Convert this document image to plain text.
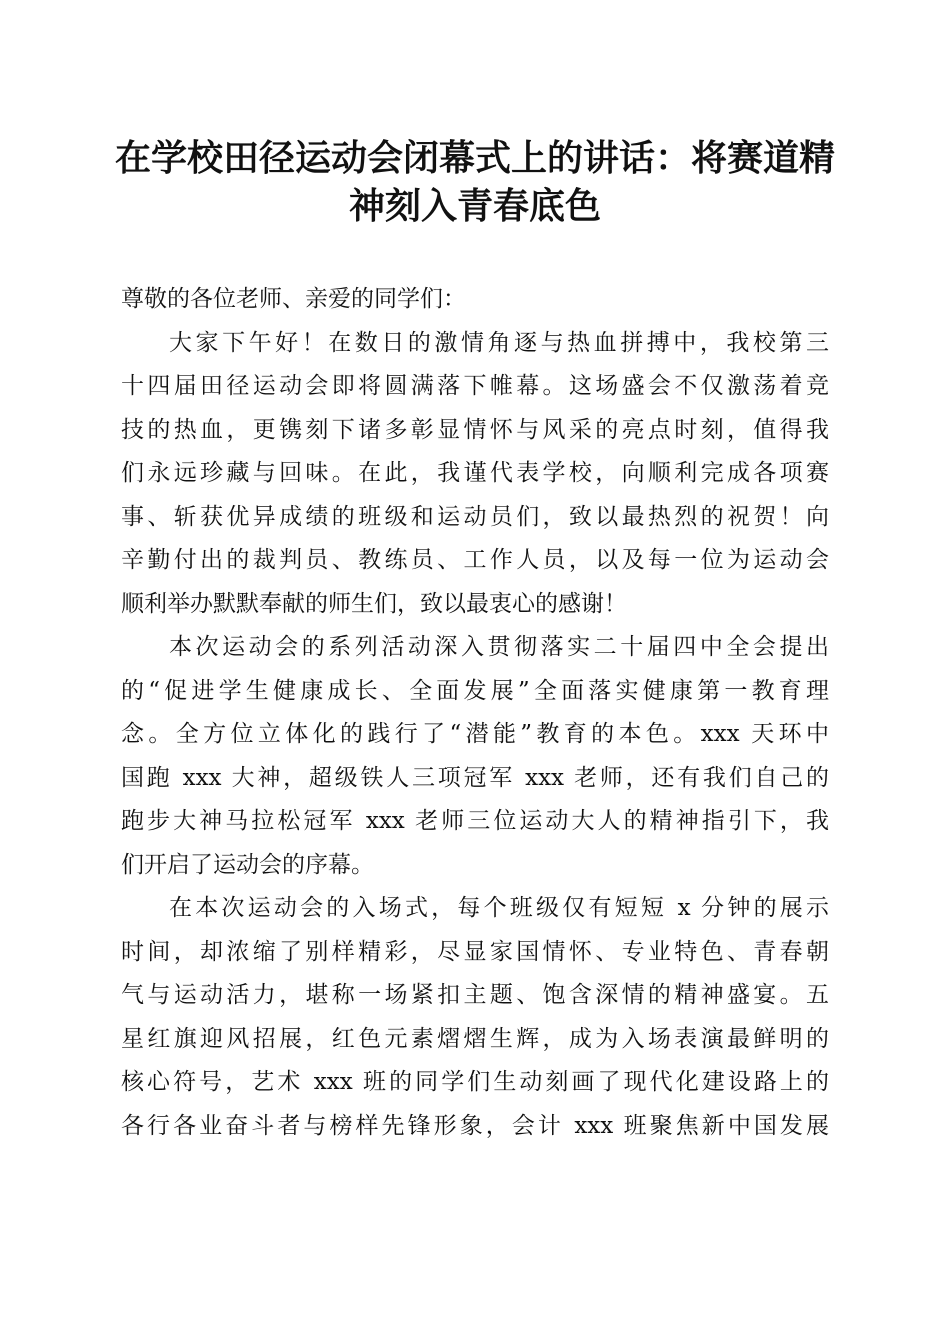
在学校田径运动会闭幕式上的讲话：将赛道精
神刻入青春底色
尊敬的各位老师、亲爱的同学们：
大家下午好！在数日的激情角逐与热血拼搏中，我校第三
十四届田径运动会即将圆满落下帷幕。这场盛会不仅激荡着竞
技的热血，更镌刻下诸多彰显情怀与风采的亮点时刻，值得我
们永远珍藏与回味。在此，我谨代表学校，向顺利完成各项赛
事、斩获优异成绩的班级和运动员们，致以最热烈的祝贺！向
辛勤付出的裁判员、教练员、工作人员，以及每一位为运动会
顺利举办默默奉献的师生们，致以最衷心的感谢！
本次运动会的系列活动深入贯彻落实二十届四中全会提出
的“促进学生健康成长、全面发展”全面落实健康第一教育理
念。全方位立体化的践行了“潜能”教育的本色。xxx 天环中
国跑 xxx 大神，超级铁人三项冠军 xxx 老师，还有我们自己的
跑步大神马拉松冠军 xxx 老师三位运动大人的精神指引下，我
们开启了运动会的序幕。
在本次运动会的入场式，每个班级仅有短短 x 分钟的展示
时间，却浓缩了别样精彩，尽显家国情怀、专业特色、青春朝
气与运动活力，堪称一场紧扣主题、饱含深情的精神盛宴。五
星红旗迎风招展，红色元素熠熠生辉，成为入场表演最鲜明的
核心符号，艺术 xxx 班的同学们生动刻画了现代化建设路上的
各行各业奋斗者与榜样先锋形象，会计 xxx 班聚焦新中国发展
